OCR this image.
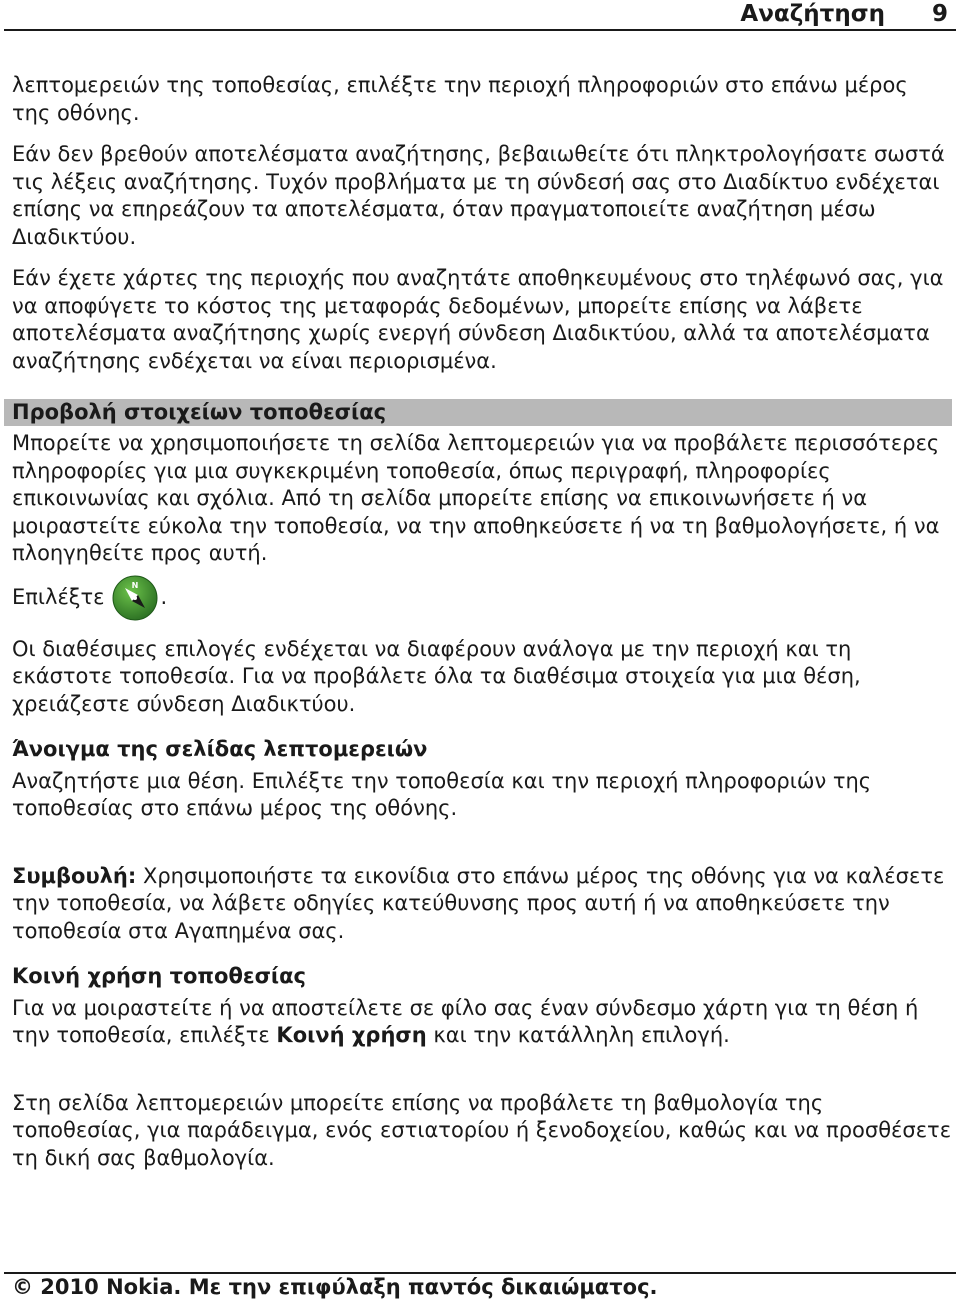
Αναζήτηση 9

λεπτομερειών της τοποθεσίας, επιλέξτε την περιοχή πληροφοριών στο επάνω μέρος της οθόνης.

Εάν δεν βρεθούν αποτελέσματα αναζήτησης, βεβαιωθείτε ότι πληκτρολογήσατε σωστά τις λέξεις αναζήτησης. Τυχόν προβλήματα με τη σύνδεσή σας στο Διαδίκτυο ενδέχεται επίσης να επηρεάζουν τα αποτελέσματα, όταν πραγματοποιείτε αναζήτηση μέσω Διαδικτύου.

Εάν έχετε χάρτες της περιοχής που αναζητάτε αποθηκευμένους στο τηλέφωνό σας, για να αποφύγετε το κόστος της μεταφοράς δεδομένων, μπορείτε επίσης να λάβετε αποτελέσματα αναζήτησης χωρίς ενεργή σύνδεση Διαδικτύου, αλλά τα αποτελέσματα αναζήτησης ενδέχεται να είναι περιορισμένα.

Προβολή στοιχείων τοποθεσίας

Μπορείτε να χρησιμοποιήσετε τη σελίδα λεπτομερειών για να προβάλετε περισσότερες πληροφορίες για μια συγκεκριμένη τοποθεσία, όπως περιγραφή, πληροφορίες επικοινωνίας και σχόλια. Από τη σελίδα μπορείτε επίσης να επικοινωνήσετε ή να μοιραστείτε εύκολα την τοποθεσία, να την αποθηκεύσετε ή να τη βαθμολογήσετε, ή να πλοηγηθείτε προς αυτή.

Επιλέξτε	N .

Οι διαθέσιμες επιλογές ενδέχεται να διαφέρουν ανάλογα με την περιοχή και τη εκάστοτε τοποθεσία. Για να προβάλετε όλα τα διαθέσιμα στοιχεία για μια θέση, χρειάζεστε σύνδεση Διαδικτύου.

Άνοιγμα της σελίδας λεπτομερειών

Αναζητήστε μια θέση. Επιλέξτε την τοποθεσία και την περιοχή πληροφοριών της τοποθεσίας στο επάνω μέρος της οθόνης.

Συμβουλή: Χρησιμοποιήστε τα εικονίδια στο επάνω μέρος της οθόνης για να καλέσετε την τοποθεσία, να λάβετε οδηγίες κατεύθυνσης προς αυτή ή να αποθηκεύσετε την τοποθεσία στα Αγαπημένα σας.

Κοινή χρήση τοποθεσίας

Για να μοιραστείτε ή να αποστείλετε σε φίλο σας έναν σύνδεσμο χάρτη για τη θέση ή την τοποθεσία, επιλέξτε Κοινή χρήση και την κατάλληλη επιλογή.

Στη σελίδα λεπτομερειών μπορείτε επίσης να προβάλετε τη βαθμολογία της τοποθεσίας, για παράδειγμα, ενός εστιατορίου ή ξενοδοχείου, καθώς και να προσθέσετε τη δική σας βαθμολογία.

© 2010 Nokia. Με την επιφύλαξη παντός δικαιώματος.
